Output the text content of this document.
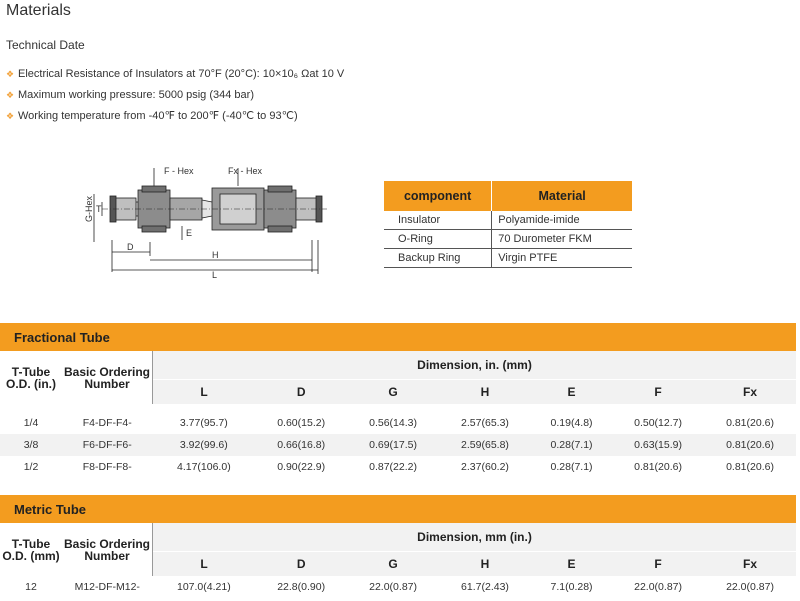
Materials
Technical Date
❖ Electrical Resistance of Insulators at 70°F (20°C): 10×10₆ Ωat 10 V
❖ Maximum working pressure: 5000 psig (344 bar)
❖ Working temperature from -40℉ to 200℉ (-40℃ to 93℃)
F - Hex	Fx - Hex
G-Hex T
E
D
H
L
component	Material
Insulator	Polyamide-imide
O-Ring	70 Durometer FKM
Backup Ring	Virgin PTFE
Fractional Tube
T-Tube O.D. (in.)	Basic Ordering Number	Dimension, in. (mm)						
		L	D	G	H	E	F	Fx

1/4	F4-DF-F4-	3.77(95.7)	0.60(15.2)	0.56(14.3)	2.57(65.3)	0.19(4.8)	0.50(12.7)	0.81(20.6)
3/8	F6-DF-F6-	3.92(99.6)	0.66(16.8)	0.69(17.5)	2.59(65.8)	0.28(7.1)	0.63(15.9)	0.81(20.6)
1/2	F8-DF-F8-	4.17(106.0)	0.90(22.9)	0.87(22.2)	2.37(60.2)	0.28(7.1)	0.81(20.6)	0.81(20.6)
Metric Tube
T-Tube O.D. (mm)	Basic Ordering Number	Dimension, mm (in.)						
		L	D	G	H	E	F	Fx
12	M12-DF-M12-	107.0(4.21)	22.8(0.90)	22.0(0.87)	61.7(2.43)	7.1(0.28)	22.0(0.87)	22.0(0.87)
